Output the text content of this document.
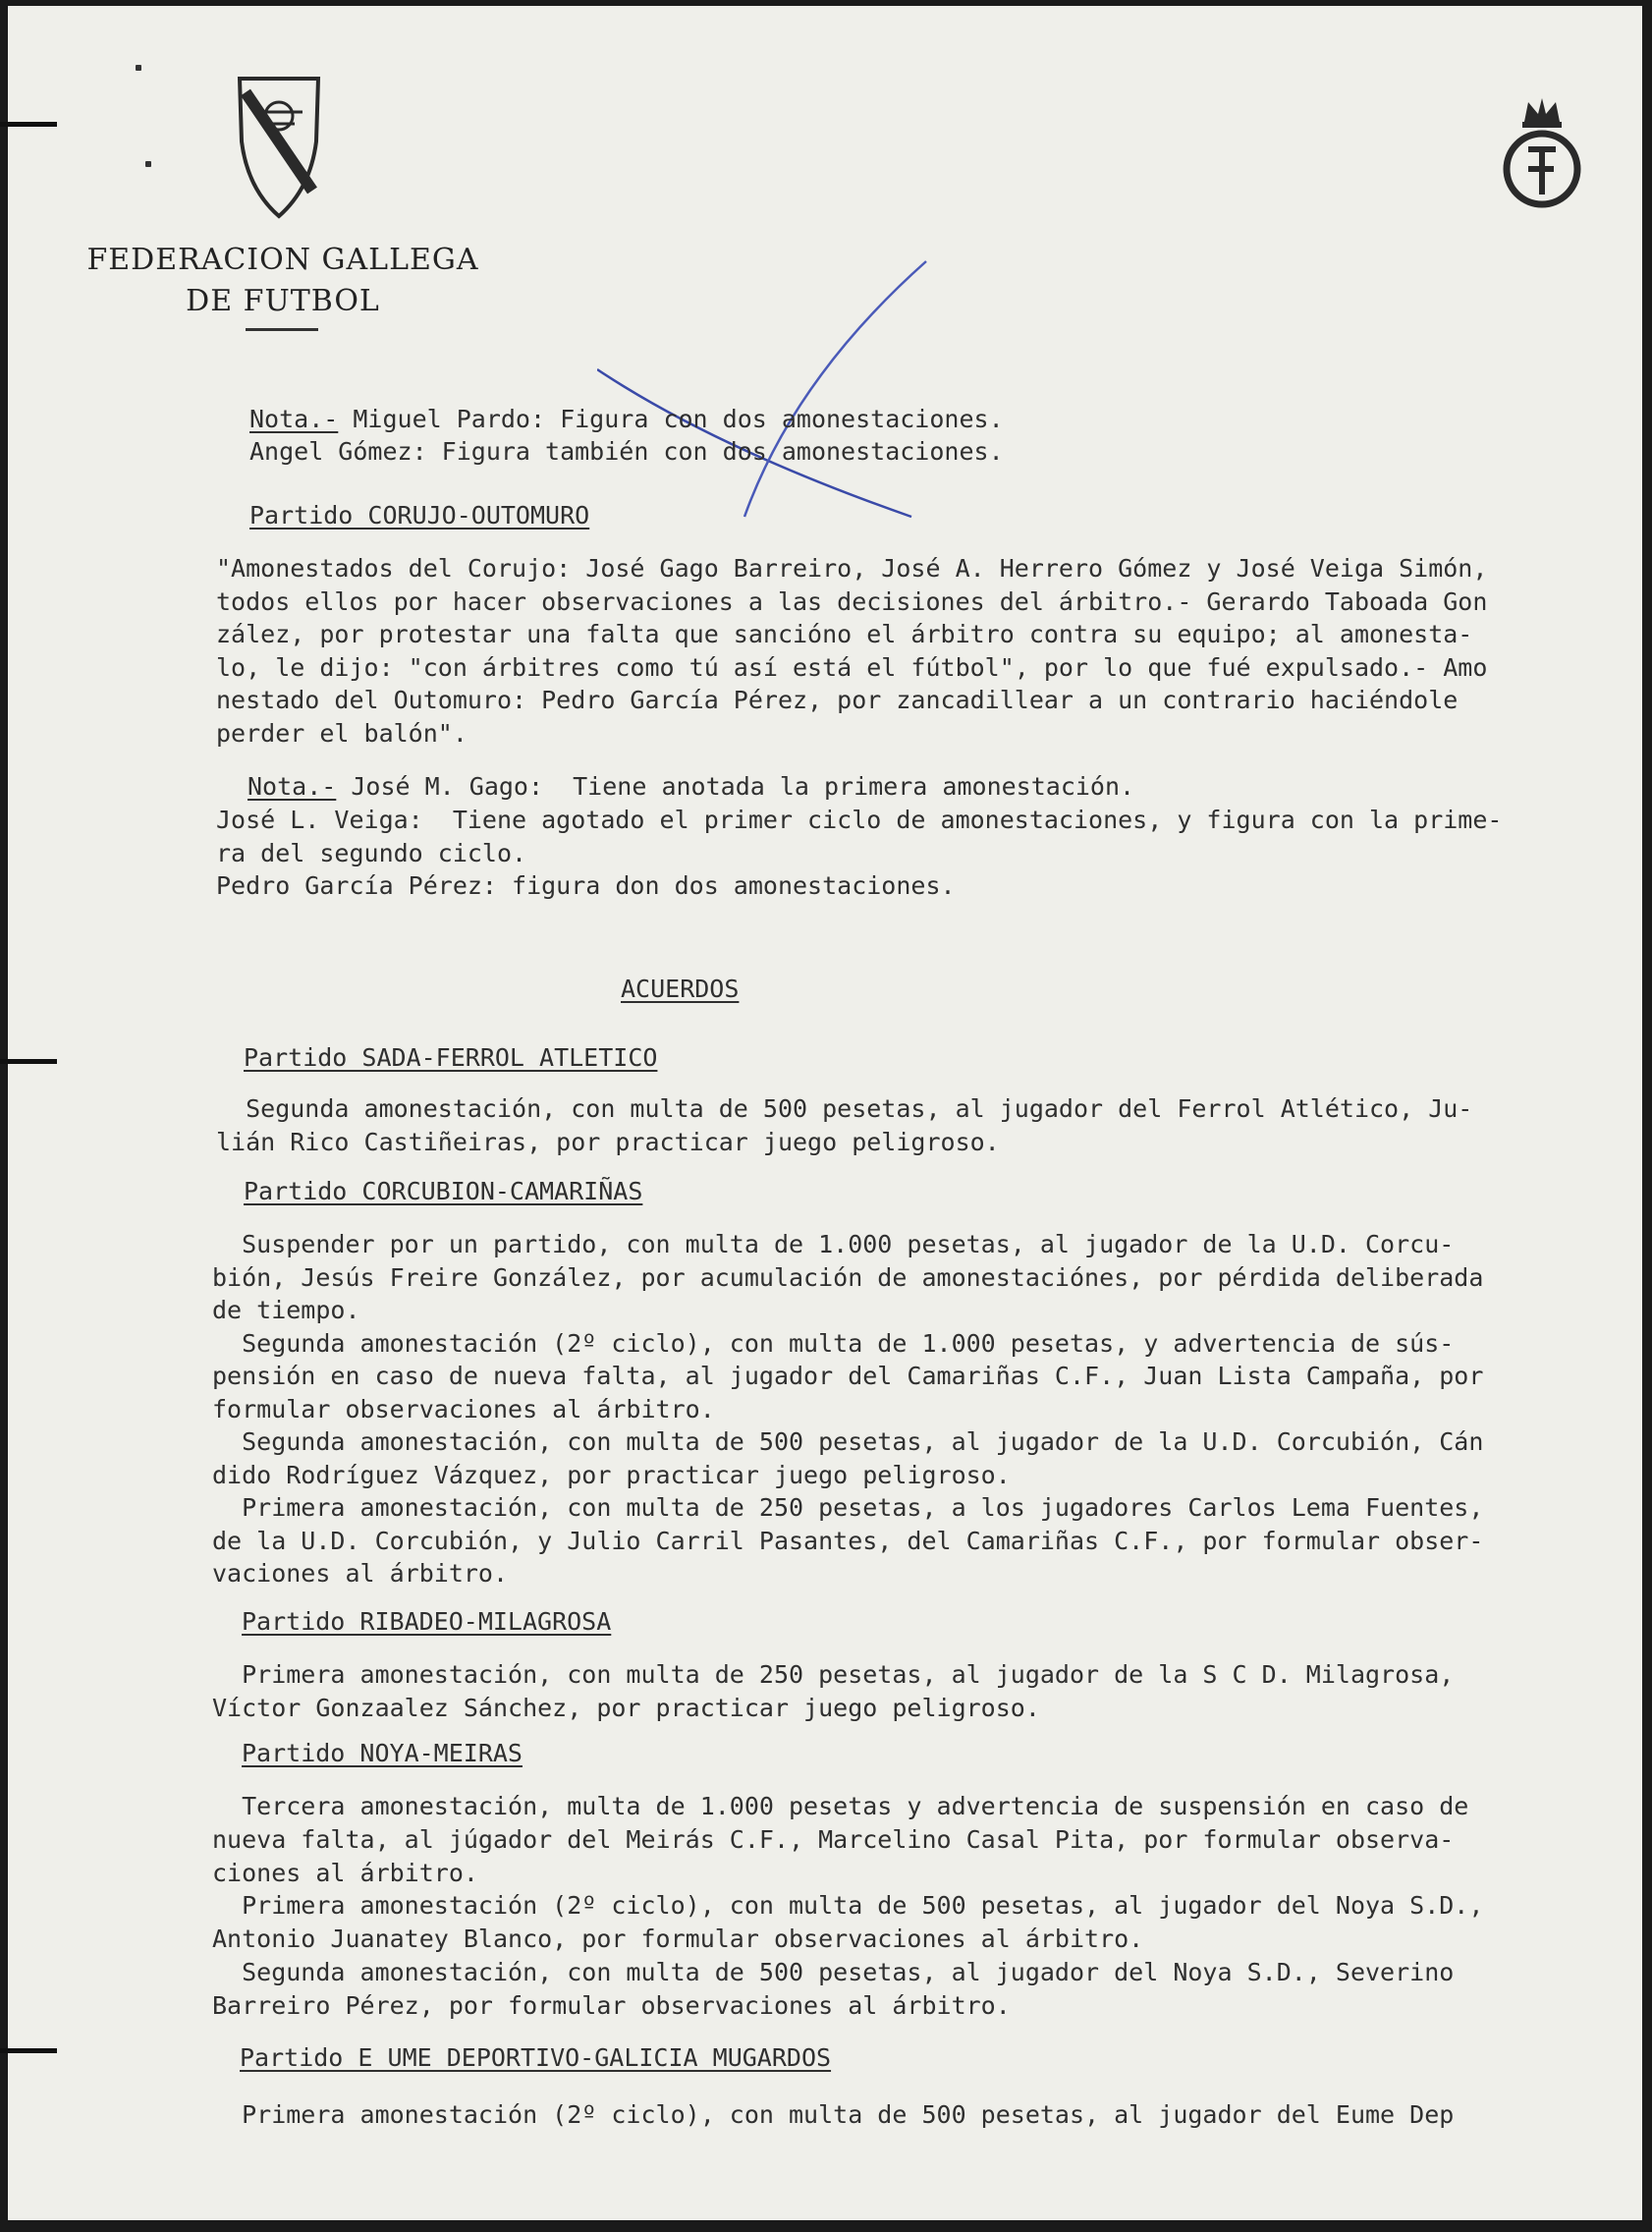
FEDERACION GALLEGA
DE FUTBOL
Nota.- Miguel Pardo: Figura con dos amonestaciones.
Angel Gómez: Figura también con dos amonestaciones.
Partido CORUJO-OUTOMURO
"Amonestados del Corujo: José Gago Barreiro, José A. Herrero Gómez y José Veiga Simón,
todos ellos por hacer observaciones a las decisiones del árbitro.- Gerardo Taboada Gon
zález, por protestar una falta que sancióno el árbitro contra su equipo; al amonesta-
lo, le dijo: "con árbitres como tú así está el fútbol", por lo que fué expulsado.- Amo
nestado del Outomuro: Pedro García Pérez, por zancadillear a un contrario haciéndole
perder el balón".
Nota.- José M. Gago:  Tiene anotada la primera amonestación.
José L. Veiga:  Tiene agotado el primer ciclo de amonestaciones, y figura con la prime-
ra del segundo ciclo.
Pedro García Pérez: figura don dos amonestaciones.
ACUERDOS
Partido SADA-FERROL ATLETICO
Segunda amonestación, con multa de 500 pesetas, al jugador del Ferrol Atlético, Ju-
lián Rico Castiñeiras, por practicar juego peligroso.
Partido CORCUBION-CAMARIÑAS
Suspender por un partido, con multa de 1.000 pesetas, al jugador de la U.D. Corcu-
bión, Jesús Freire González, por acumulación de amonestaciónes, por pérdida deliberada
de tiempo.
Segunda amonestación (2º ciclo), con multa de 1.000 pesetas, y advertencia de sús-
pensión en caso de nueva falta, al jugador del Camariñas C.F., Juan Lista Campaña, por
formular observaciones al árbitro.
Segunda amonestación, con multa de 500 pesetas, al jugador de la U.D. Corcubión, Cán
dido Rodríguez Vázquez, por practicar juego peligroso.
Primera amonestación, con multa de 250 pesetas, a los jugadores Carlos Lema Fuentes,
de la U.D. Corcubión, y Julio Carril Pasantes, del Camariñas C.F., por formular obser-
vaciones al árbitro.
Partido RIBADEO-MILAGROSA
Primera amonestación, con multa de 250 pesetas, al jugador de la S C D. Milagrosa,
Víctor Gonzaalez Sánchez, por practicar juego peligroso.
Partido NOYA-MEIRAS
Tercera amonestación, multa de 1.000 pesetas y advertencia de suspensión en caso de
nueva falta, al júgador del Meirás C.F., Marcelino Casal Pita, por formular observa-
ciones al árbitro.
Primera amonestación (2º ciclo), con multa de 500 pesetas, al jugador del Noya S.D.,
Antonio Juanatey Blanco, por formular observaciones al árbitro.
Segunda amonestación, con multa de 500 pesetas, al jugador del Noya S.D., Severino
Barreiro Pérez, por formular observaciones al árbitro.
Partido E UME DEPORTIVO-GALICIA MUGARDOS
Primera amonestación (2º ciclo), con multa de 500 pesetas, al jugador del Eume Dep
